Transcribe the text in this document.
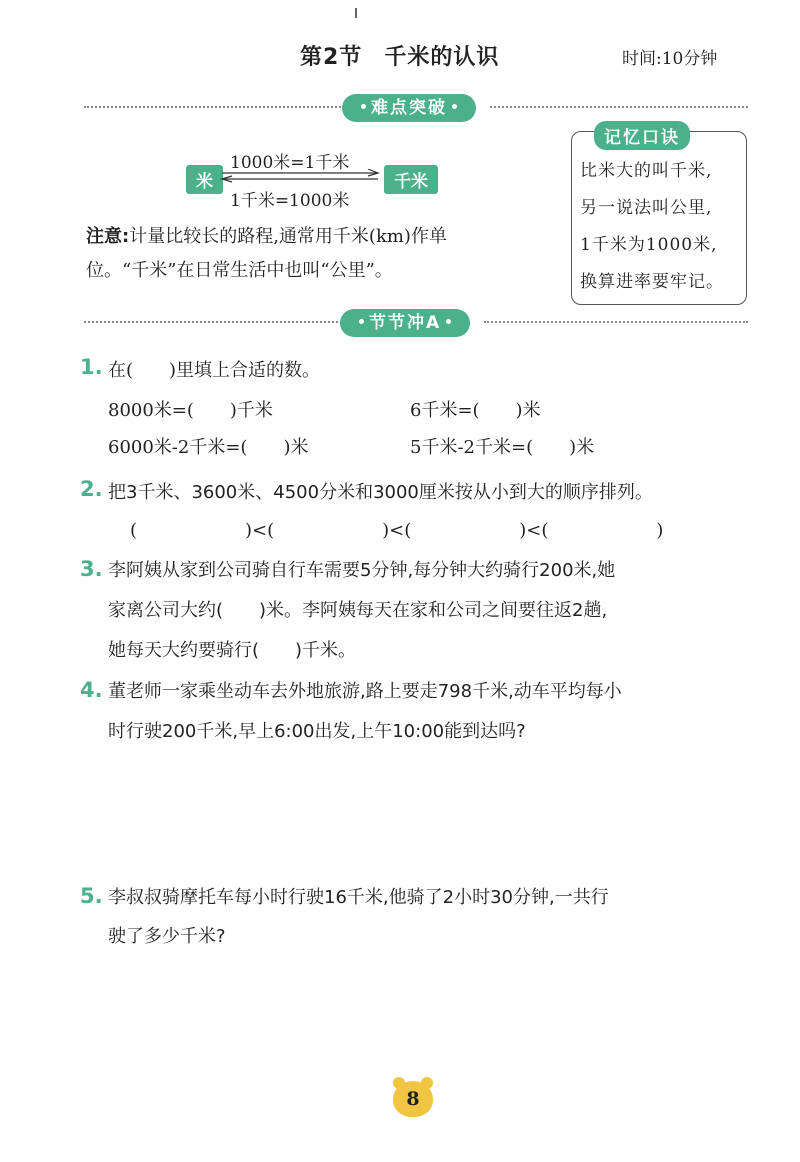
第2节 千米的认识	时间:10分钟
难点突破
米
1000米=1千米
千米
1千米=1000米
注意:计量比较长的路程,通常用千米(km)作单
位。“千米”在日常生活中也叫“公里”。
记忆口诀
比米大的叫千米,
另一说法叫公里,
1千米为1000米,
换算进率要牢记。
节节冲A
1. 在(　　)里填上合适的数。
8000米=(　　)千米	6千米=(　　)米
6000米-2千米=(　　)米	5千米-2千米=(　　)米
2. 把3千米、3600米、4500分米和3000厘米按从小到大的顺序排列。
(　　　　　　)<(　　　　　　)<(　　　　　　)<(　　　　　　)
3. 李阿姨从家到公司骑自行车需要5分钟,每分钟大约骑行200米,她
家离公司大约(　　)米。李阿姨每天在家和公司之间要往返2趟,
她每天大约要骑行(　　)千米。
4. 董老师一家乘坐动车去外地旅游,路上要走798千米,动车平均每小
时行驶200千米,早上6:00出发,上午10:00能到达吗?
5. 李叔叔骑摩托车每小时行驶16千米,他骑了2小时30分钟,一共行
驶了多少千米?
8
